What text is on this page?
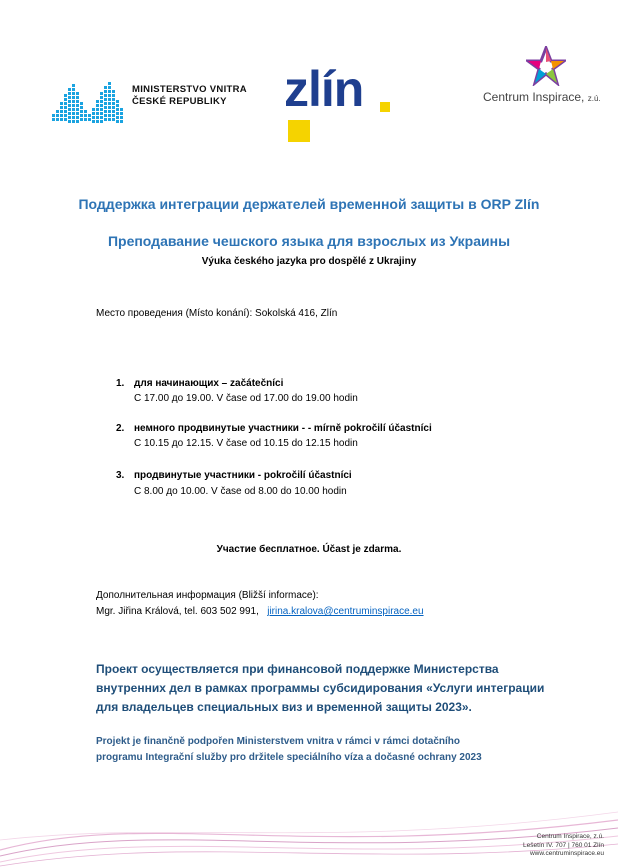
MINISTERSTVO VNITRA
ČESKÉ REPUBLIKY	zlín	Centrum Inspirace, z.ú.
Поддержка интеграции держателей временной защиты в ORP Zlín
Преподавание чешского языка для взрослых из Украины
Výuka českého jazyka pro dospělé z Ukrajiny
Место проведения (Místo konání): Sokolská 416, Zlín
1. для начинающих – začátečníci
С 17.00 до 19.00. V čase od 17.00 do 19.00 hodin
2. немного продвинутые участники - - mírně pokročilí účastníci
С 10.15 до 12.15. V čase od 10.15 do 12.15 hodin
3. продвинутые участники - pokročilí účastníci
С 8.00 до 10.00. V čase od 8.00 do 10.00 hodin
Участие бесплатное. Účast je zdarma.
Дополнительная информация (Bližší informace):
Mgr. Jiřina Králová, tel. 603 502 991, jirina.kralova@centruminspirace.eu
Проект осуществляется при финансовой поддержке Министерства
внутренних дел в рамках программы субсидирования «Услуги интеграции
для владельцев специальных виз и временной защиты 2023».
Projekt je finančně podpořen Ministerstvem vnitra v rámci v rámci dotačního
programu Integrační služby pro držitele speciálního víza a dočasné ochrany 2023
Centrum Inspirace, z.ú.
Lešetín IV. 707 | 760 01 Zlín
www.centruminspirace.eu
